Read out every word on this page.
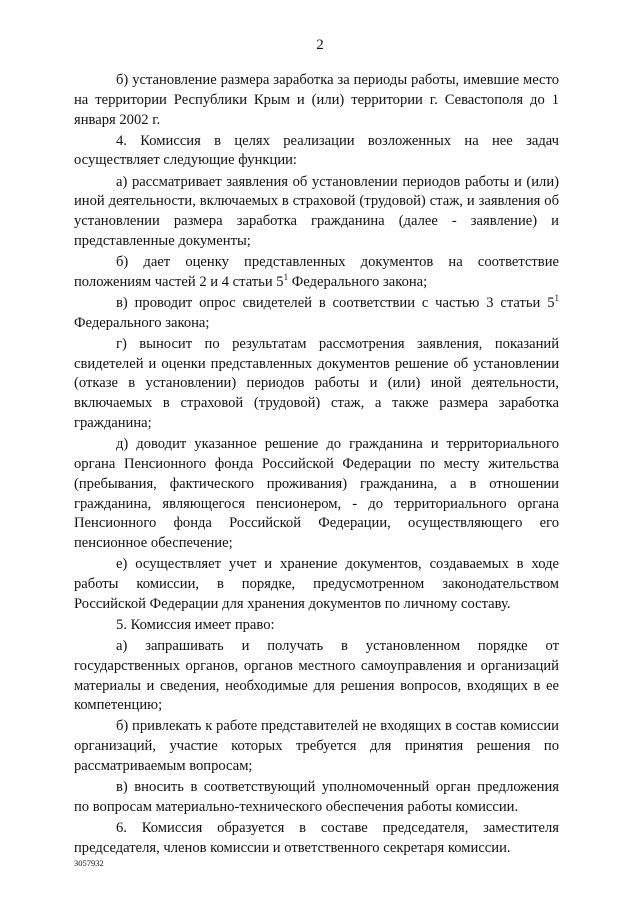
2

б) установление размера заработка за периоды работы, имевшие место на территории Республики Крым и (или) территории г. Севастополя до 1 января 2002 г.

4. Комиссия в целях реализации возложенных на нее задач осуществляет следующие функции:

а) рассматривает заявления об установлении периодов работы и (или) иной деятельности, включаемых в страховой (трудовой) стаж, и заявления об установлении размера заработка гражданина (далее - заявление) и представленные документы;

б) дает оценку представленных документов на соответствие положениям частей 2 и 4 статьи $5^1$ Федерального закона;

в) проводит опрос свидетелей в соответствии с частью 3 статьи $5^1$ Федерального закона;

г) выносит по результатам рассмотрения заявления, показаний свидетелей и оценки представленных документов решение об установлении (отказе в установлении) периодов работы и (или) иной деятельности, включаемых в страховой (трудовой) стаж, а также размера заработка гражданина;

д) доводит указанное решение до гражданина и территориального органа Пенсионного фонда Российской Федерации по месту жительства (пребывания, фактического проживания) гражданина, а в отношении гражданина, являющегося пенсионером, - до территориального органа Пенсионного фонда Российской Федерации, осуществляющего его пенсионное обеспечение;

е) осуществляет учет и хранение документов, создаваемых в ходе работы комиссии, в порядке, предусмотренном законодательством Российской Федерации для хранения документов по личному составу.

5. Комиссия имеет право:

а) запрашивать и получать в установленном порядке от государственных органов, органов местного самоуправления и организаций материалы и сведения, необходимые для решения вопросов, входящих в ее компетенцию;

б) привлекать к работе представителей не входящих в состав комиссии организаций, участие которых требуется для принятия решения по рассматриваемым вопросам;

в) вносить в соответствующий уполномоченный орган предложения по вопросам материально-технического обеспечения работы комиссии.

6. Комиссия образуется в составе председателя, заместителя председателя, членов комиссии и ответственного секретаря комиссии.

3057932
